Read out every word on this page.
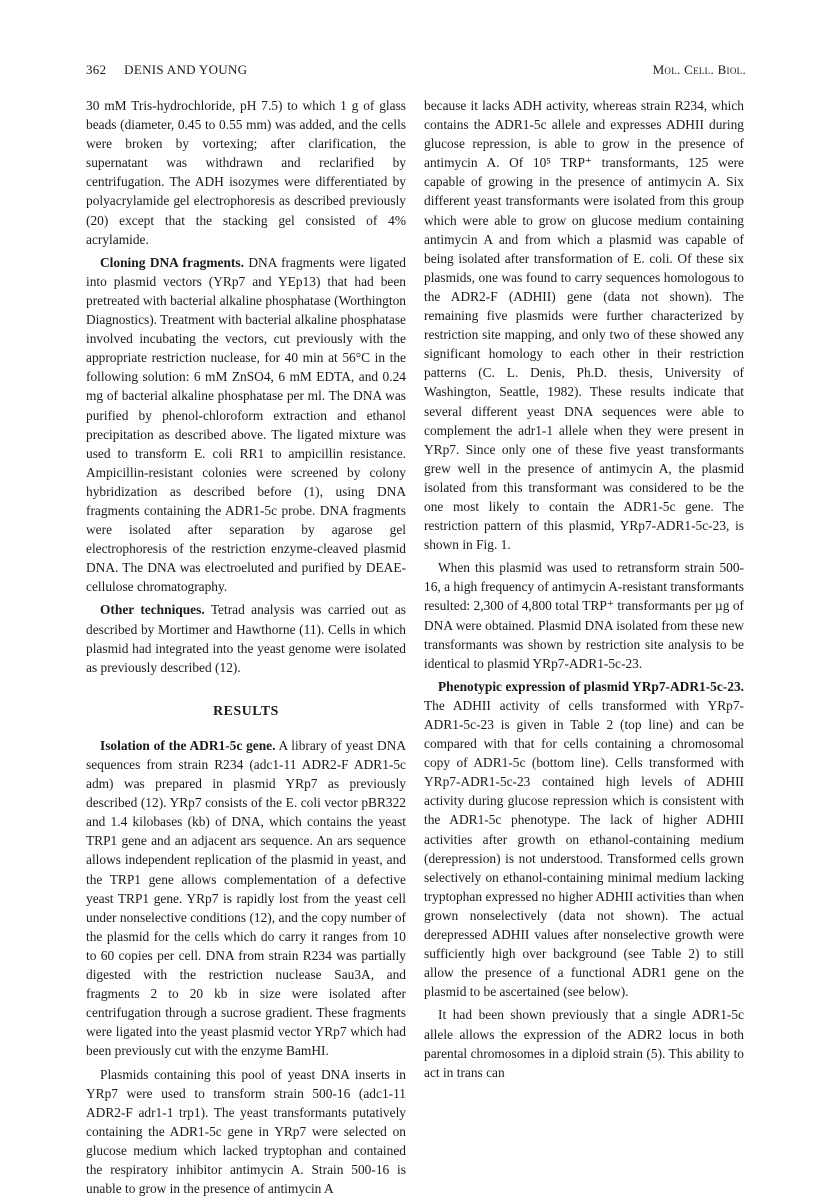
362 DENIS AND YOUNG	Mol. Cell. Biol.

30 mM Tris-hydrochloride, pH 7.5) to which 1 g of glass beads (diameter, 0.45 to 0.55 mm) was added, and the cells were broken by vortexing; after clarification, the supernatant was withdrawn and reclarified by centrifugation. The ADH isozymes were differentiated by polyacrylamide gel electrophoresis as described previously (20) except that the stacking gel consisted of 4% acrylamide.

Cloning DNA fragments. DNA fragments were ligated into plasmid vectors (YRp7 and YEp13) that had been pretreated with bacterial alkaline phosphatase (Worthington Diagnostics). Treatment with bacterial alkaline phosphatase involved incubating the vectors, cut previously with the appropriate restriction nuclease, for 40 min at 56°C in the following solution: 6 mM ZnSO4, 6 mM EDTA, and 0.24 mg of bacterial alkaline phosphatase per ml. The DNA was purified by phenol-chloroform extraction and ethanol precipitation as described above. The ligated mixture was used to transform E. coli RR1 to ampicillin resistance. Ampicillin-resistant colonies were screened by colony hybridization as described before (1), using DNA fragments containing the ADR1-5c probe. DNA fragments were isolated after separation by agarose gel electrophoresis of the restriction enzyme-cleaved plasmid DNA. The DNA was electroeluted and purified by DEAE-cellulose chromatography.

Other techniques. Tetrad analysis was carried out as described by Mortimer and Hawthorne (11). Cells in which plasmid had integrated into the yeast genome were isolated as previously described (12).

RESULTS

Isolation of the ADR1-5c gene. A library of yeast DNA sequences from strain R234 (adc1-11 ADR2-F ADR1-5c adm) was prepared in plasmid YRp7 as previously described (12). YRp7 consists of the E. coli vector pBR322 and 1.4 kilobases (kb) of DNA, which contains the yeast TRP1 gene and an adjacent ars sequence. An ars sequence allows independent replication of the plasmid in yeast, and the TRP1 gene allows complementation of a defective yeast TRP1 gene. YRp7 is rapidly lost from the yeast cell under nonselective conditions (12), and the copy number of the plasmid for the cells which do carry it ranges from 10 to 60 copies per cell. DNA from strain R234 was partially digested with the restriction nuclease Sau3A, and fragments 2 to 20 kb in size were isolated after centrifugation through a sucrose gradient. These fragments were ligated into the yeast plasmid vector YRp7 which had been previously cut with the enzyme BamHI.

Plasmids containing this pool of yeast DNA inserts in YRp7 were used to transform strain 500-16 (adc1-11 ADR2-F adr1-1 trp1). The yeast transformants putatively containing the ADR1-5c gene in YRp7 were selected on glucose medium which lacked tryptophan and contained the respiratory inhibitor antimycin A. Strain 500-16 is unable to grow in the presence of antimycin A

because it lacks ADH activity, whereas strain R234, which contains the ADR1-5c allele and expresses ADHII during glucose repression, is able to grow in the presence of antimycin A. Of 10⁵ TRP⁺ transformants, 125 were capable of growing in the presence of antimycin A. Six different yeast transformants were isolated from this group which were able to grow on glucose medium containing antimycin A and from which a plasmid was capable of being isolated after transformation of E. coli. Of these six plasmids, one was found to carry sequences homologous to the ADR2-F (ADHII) gene (data not shown). The remaining five plasmids were further characterized by restriction site mapping, and only two of these showed any significant homology to each other in their restriction patterns (C. L. Denis, Ph.D. thesis, University of Washington, Seattle, 1982). These results indicate that several different yeast DNA sequences were able to complement the adr1-1 allele when they were present in YRp7. Since only one of these five yeast transformants grew well in the presence of antimycin A, the plasmid isolated from this transformant was considered to be the one most likely to contain the ADR1-5c gene. The restriction pattern of this plasmid, YRp7-ADR1-5c-23, is shown in Fig. 1.

When this plasmid was used to retransform strain 500-16, a high frequency of antimycin A-resistant transformants resulted: 2,300 of 4,800 total TRP⁺ transformants per µg of DNA were obtained. Plasmid DNA isolated from these new transformants was shown by restriction site analysis to be identical to plasmid YRp7-ADR1-5c-23.

Phenotypic expression of plasmid YRp7-ADR1-5c-23. The ADHII activity of cells transformed with YRp7-ADR1-5c-23 is given in Table 2 (top line) and can be compared with that for cells containing a chromosomal copy of ADR1-5c (bottom line). Cells transformed with YRp7-ADR1-5c-23 contained high levels of ADHII activity during glucose repression which is consistent with the ADR1-5c phenotype. The lack of higher ADHII activities after growth on ethanol-containing medium (derepression) is not understood. Transformed cells grown selectively on ethanol-containing minimal medium lacking tryptophan expressed no higher ADHII activities than when grown nonselectively (data not shown). The actual derepressed ADHII values after nonselective growth were sufficiently high over background (see Table 2) to still allow the presence of a functional ADR1 gene on the plasmid to be ascertained (see below).

It had been shown previously that a single ADR1-5c allele allows the expression of the ADR2 locus in both parental chromosomes in a diploid strain (5). This ability to act in trans can
